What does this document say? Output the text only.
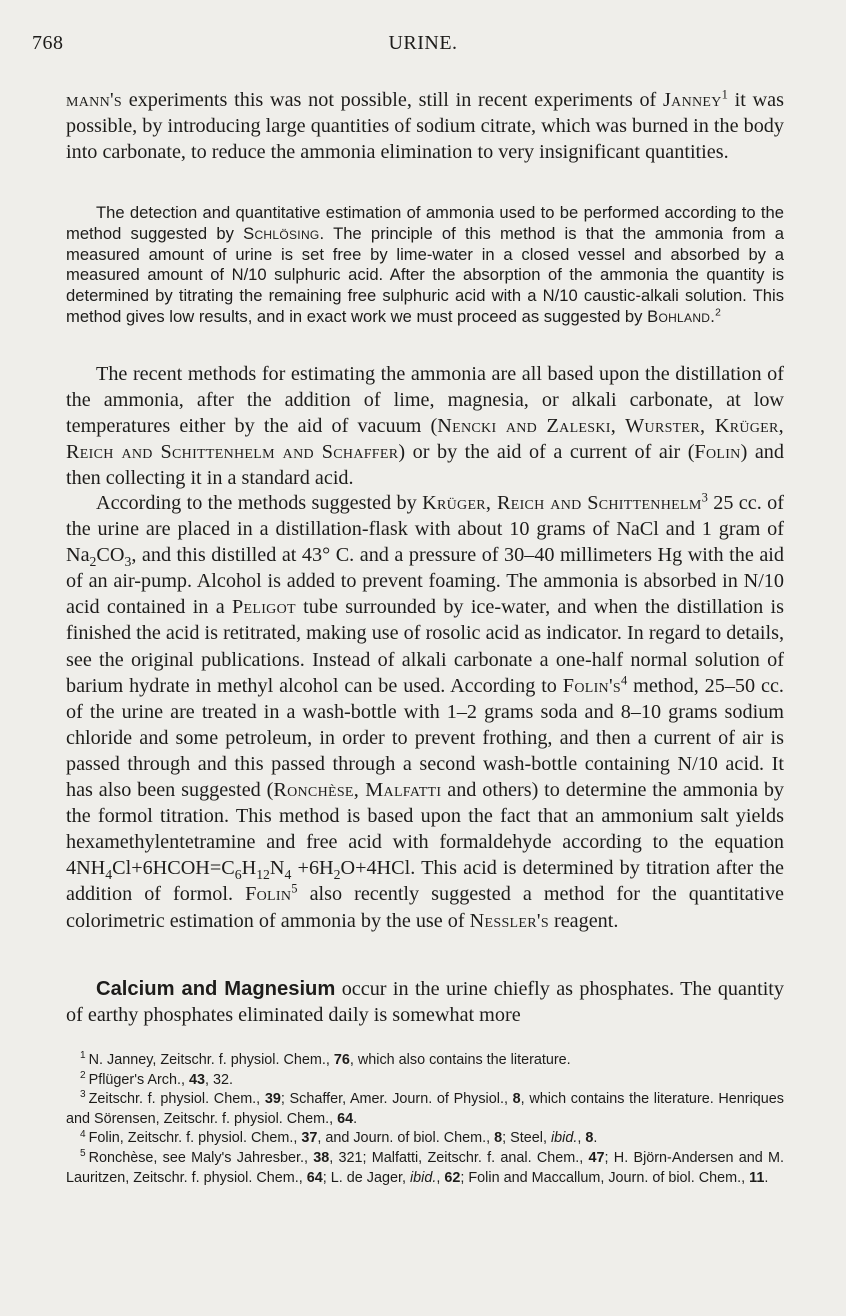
768	URINE.

mann's experiments this was not possible, still in recent experiments of Janney$^1$ it was possible, by introducing large quantities of sodium citrate, which was burned in the body into carbonate, to reduce the ammonia elimination to very insignificant quantities.

The detection and quantitative estimation of ammonia used to be performed according to the method suggested by Schlösing. The principle of this method is that the ammonia from a measured amount of urine is set free by lime-water in a closed vessel and absorbed by a measured amount of N/10 sulphuric acid. After the absorption of the ammonia the quantity is determined by titrating the remaining free sulphuric acid with a N/10 caustic-alkali solution. This method gives low results, and in exact work we must proceed as suggested by Bohland.$^2$

The recent methods for estimating the ammonia are all based upon the distillation of the ammonia, after the addition of lime, magnesia, or alkali carbonate, at low temperatures either by the aid of vacuum (Nencki and Zaleski, Wurster, Krüger, Reich and Schittenhelm and Schaffer) or by the aid of a current of air (Folin) and then collecting it in a standard acid.

According to the methods suggested by Krüger, Reich and Schittenhelm$^3$ 25 cc. of the urine are placed in a distillation-flask with about 10 grams of NaCl and 1 gram of $Na_2CO_3$, and this distilled at 43° C. and a pressure of 30–40 millimeters Hg with the aid of an air-pump. Alcohol is added to prevent foaming. The ammonia is absorbed in N/10 acid contained in a Peligot tube surrounded by ice-water, and when the distillation is finished the acid is retitrated, making use of rosolic acid as indicator. In regard to details, see the original publications. Instead of alkali carbonate a one-half normal solution of barium hydrate in methyl alcohol can be used. According to $Folin's^4$ method, 25–50 cc. of the urine are treated in a wash-bottle with 1–2 grams soda and 8–10 grams sodium chloride and some petroleum, in order to prevent frothing, and then a current of air is passed through and this passed through a second wash-bottle containing N/10 acid. It has also been suggested (Ronchèse, Malfatti and others) to determine the ammonia by the formol titration. This method is based upon the fact that an ammonium salt yields hexamethylentetramine and free acid with formaldehyde according to the equation $4NH_4Cl+6HCOH=C_6H_{12}N_4 +6H_2O+4HCl$. This acid is determined by titration after the addition of formol. Folin$^5$ also recently suggested a method for the quantitative colorimetric estimation of ammonia by the use of Nessler's reagent.

Calcium and Magnesium occur in the urine chiefly as phosphates. The quantity of earthy phosphates eliminated daily is somewhat more

$^1$ N. Janney, Zeitschr. f. physiol. Chem., 76, which also contains the literature.

$^2$ Pflüger's Arch., 43, 32.

$^3$ Zeitschr. f. physiol. Chem., 39; Schaffer, Amer. Journ. of Physiol., 8, which contains the literature. Henriques and Sörensen, Zeitschr. f. physiol. Chem., 64.

$^4$ Folin, Zeitschr. f. physiol. Chem., 37, and Journ. of biol. Chem., 8; Steel, ibid., 8.

$^5$ Ronchèse, see Maly's Jahresber., 38, 321; Malfatti, Zeitschr. f. anal. Chem., 47; H. Björn-Andersen and M. Lauritzen, Zeitschr. f. physiol. Chem., 64; L. de Jager, ibid., 62; Folin and Maccallum, Journ. of biol. Chem., 11.
